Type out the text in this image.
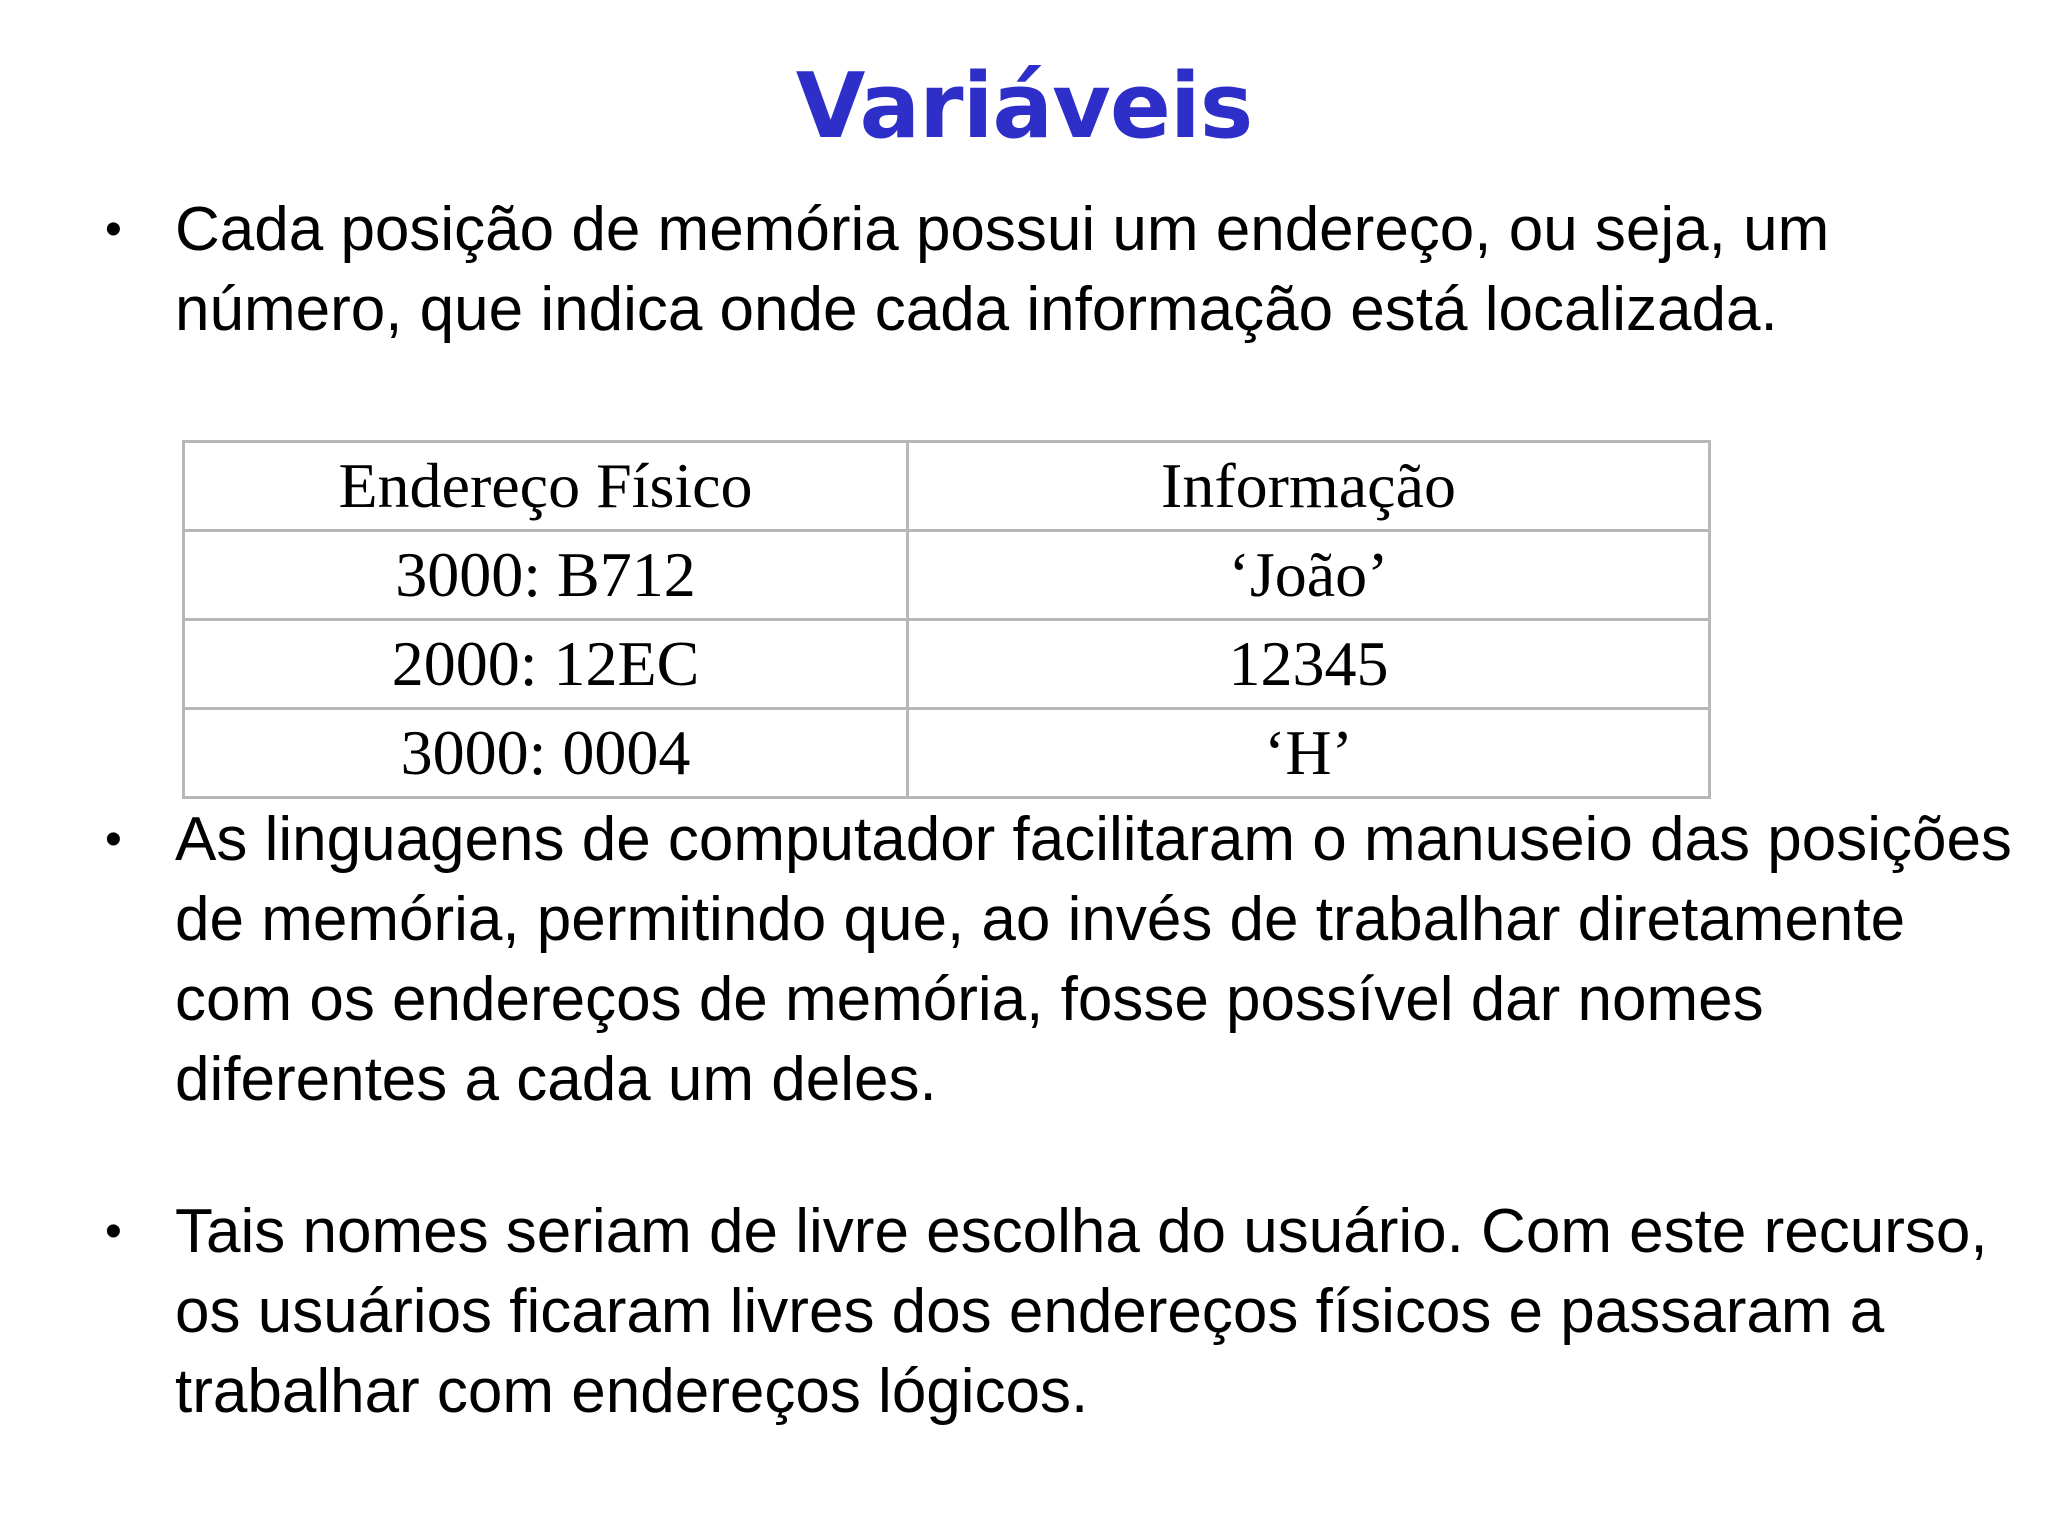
Variáveis
• Cada posição de memória possui um endereço, ou seja, um número, que indica onde cada informação está localizada.
Endereço Físico	Informação
3000: B712	‘João’
2000: 12EC	12345
3000: 0004	‘H’
• As linguagens de computador facilitaram o manuseio das posições de memória, permitindo que, ao invés de trabalhar diretamente com os endereços de memória, fosse possível dar nomes diferentes a cada um deles.
• Tais nomes seriam de livre escolha do usuário. Com este recurso, os usuários ficaram livres dos endereços físicos e passaram a trabalhar com endereços lógicos.
